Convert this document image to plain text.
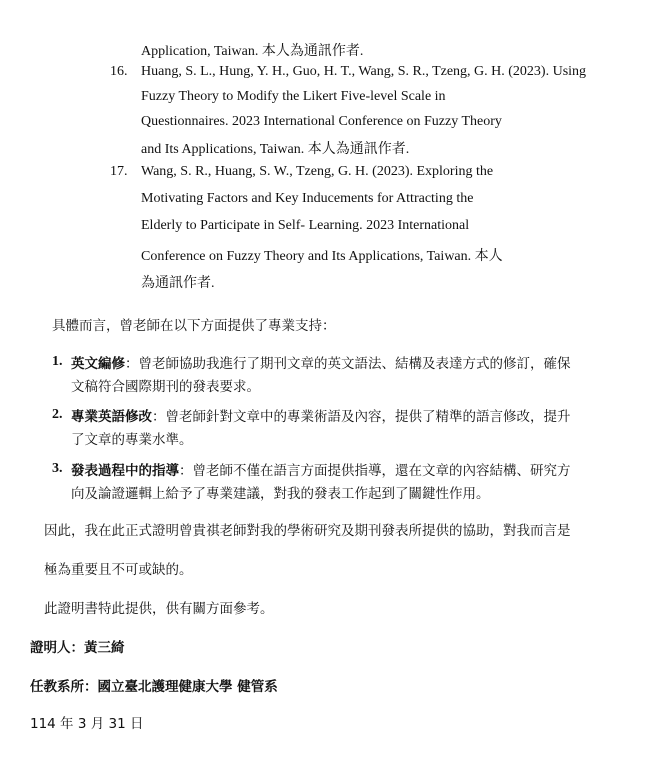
Application, Taiwan. 本人為通訊作者.
16. Huang, S. L., Hung, Y. H., Guo, H. T., Wang, S. R., Tzeng, G. H. (2023). Using
Fuzzy Theory to Modify the Likert Five-level Scale in
Questionnaires. 2023 International Conference on Fuzzy Theory
and Its Applications, Taiwan. 本人為通訊作者.
17. Wang, S. R., Huang, S. W., Tzeng, G. H. (2023). Exploring the
Motivating Factors and Key Inducements for Attracting the
Elderly to Participate in Self- Learning. 2023 International
Conference on Fuzzy Theory and Its Applications, Taiwan. 本人
為通訊作者.
具體而言，曾老師在以下方面提供了專業支持：
1. 英文編修：曾老師協助我進行了期刊文章的英文語法、結構及表達方式的修訂，確保
文稿符合國際期刊的發表要求。
2. 專業英語修改：曾老師針對文章中的專業術語及內容，提供了精準的語言修改，提升
了文章的專業水準。
3. 發表過程中的指導：曾老師不僅在語言方面提供指導，還在文章的內容結構、研究方
向及論證邏輯上給予了專業建議，對我的發表工作起到了關鍵性作用。
因此，我在此正式證明曾貴祺老師對我的學術研究及期刊發表所提供的協助，對我而言是
極為重要且不可或缺的。
此證明書特此提供，供有關方面參考。
證明人：黃三綺
任教系所：國立臺北護理健康大學 健管系
114 年 3 月 31 日
